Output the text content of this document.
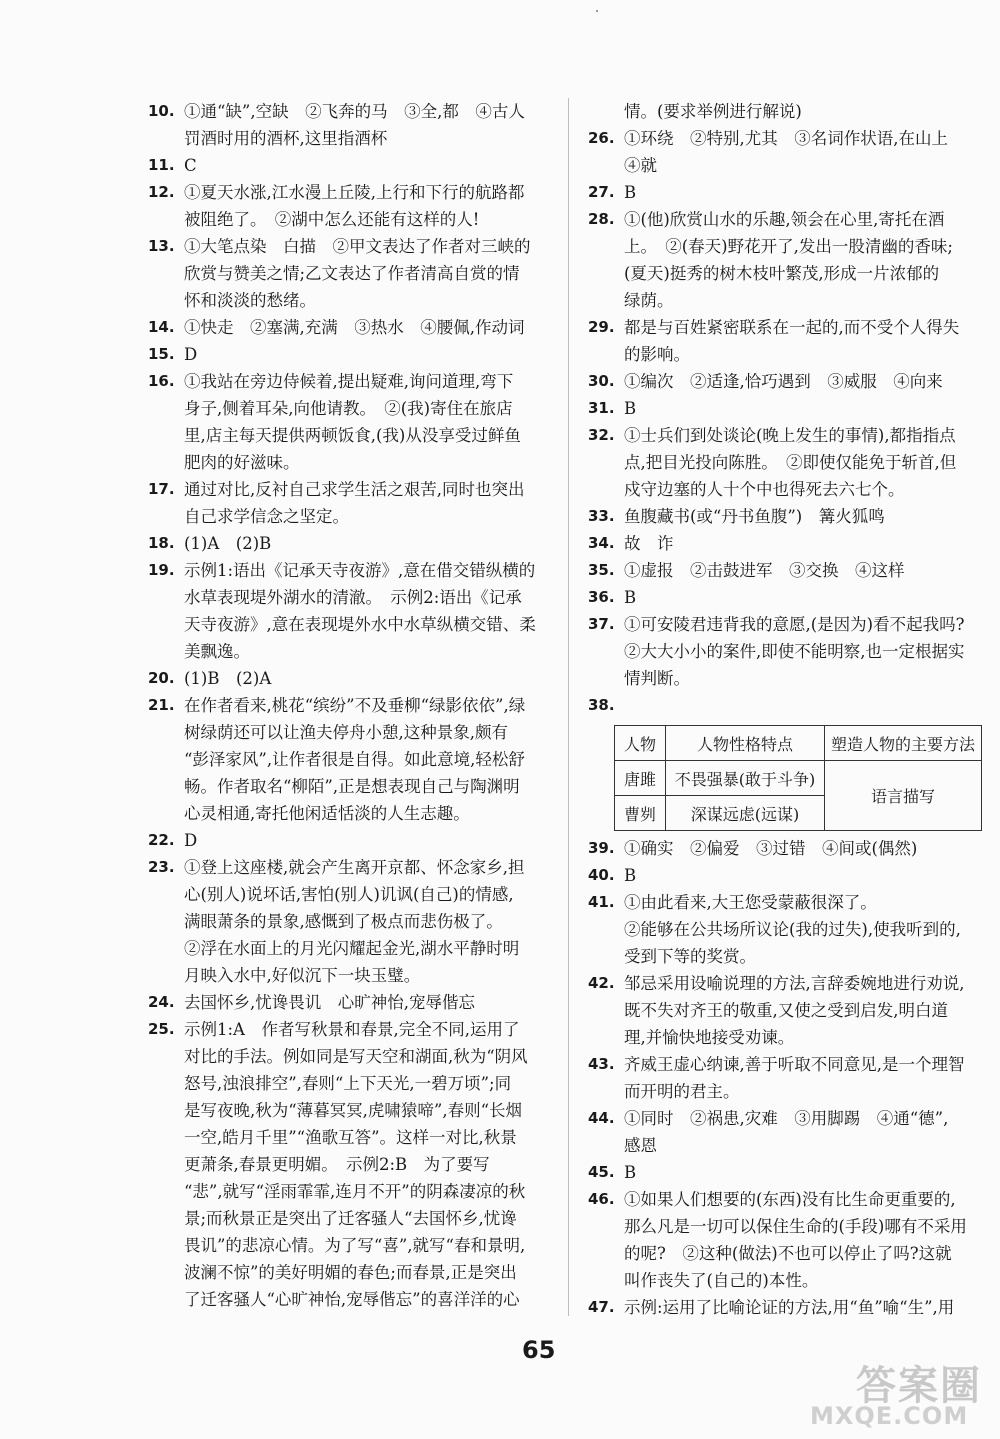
10. ①通“缺”,空缺　②飞奔的马　③全,都　④古人
罚酒时用的酒杯,这里指酒杯
11. C
12. ①夏天水涨,江水漫上丘陵,上行和下行的航路都
被阻绝了。　②湖中怎么还能有这样的人!
13. ①大笔点染　白描　②甲文表达了作者对三峡的
欣赏与赞美之情;乙文表达了作者清高自赏的情
怀和淡淡的愁绪。
14. ①快走　②塞满,充满　③热水　④腰佩,作动词
15. D
16. ①我站在旁边侍候着,提出疑难,询问道理,弯下
身子,侧着耳朵,向他请教。　②(我)寄住在旅店
里,店主每天提供两顿饭食,(我)从没享受过鲜鱼
肥肉的好滋味。
17. 通过对比,反衬自己求学生活之艰苦,同时也突出
自己求学信念之坚定。
18. (1)A　(2)B
19. 示例1:语出《记承天寺夜游》,意在借交错纵横的
水草表现堤外湖水的清澈。　示例2:语出《记承
天寺夜游》,意在表现堤外水中水草纵横交错、柔
美飘逸。
20. (1)B　(2)A
21. 在作者看来,桃花“缤纷”不及垂柳“绿影依依”,绿
树绿荫还可以让渔夫停舟小憩,这种景象,颇有
“彭泽家风”,让作者很是自得。如此意境,轻松舒
畅。作者取名“柳陌”,正是想表现自己与陶渊明
心灵相通,寄托他闲适恬淡的人生志趣。
22. D
23. ①登上这座楼,就会产生离开京都、怀念家乡,担
心(别人)说坏话,害怕(别人)讥讽(自己)的情感,
满眼萧条的景象,感慨到了极点而悲伤极了。
②浮在水面上的月光闪耀起金光,湖水平静时明
月映入水中,好似沉下一块玉璧。
24. 去国怀乡,忧谗畏讥　心旷神怡,宠辱偕忘
25. 示例1:A　作者写秋景和春景,完全不同,运用了
对比的手法。例如同是写天空和湖面,秋为“阴风
怒号,浊浪排空”,春则“上下天光,一碧万顷”;同
是写夜晚,秋为“薄暮冥冥,虎啸猿啼”,春则“长烟
一空,皓月千里”“渔歌互答”。这样一对比,秋景
更萧条,春景更明媚。　示例2:B　为了要写
“悲”,就写“淫雨霏霏,连月不开”的阴森凄凉的秋
景;而秋景正是突出了迁客骚人“去国怀乡,忧谗
畏讥”的悲凉心情。为了写“喜”,就写“春和景明,
波澜不惊”的美好明媚的春色;而春景,正是突出
了迁客骚人“心旷神怡,宠辱偕忘”的喜洋洋的心
情。(要求举例进行解说)
26. ①环绕　②特别,尤其　③名词作状语,在山上
④就
27. B
28. ①(他)欣赏山水的乐趣,领会在心里,寄托在酒
上。　②(春天)野花开了,发出一股清幽的香味;
(夏天)挺秀的树木枝叶繁茂,形成一片浓郁的
绿荫。
29. 都是与百姓紧密联系在一起的,而不受个人得失
的影响。
30. ①编次　②适逢,恰巧遇到　③威服　④向来
31. B
32. ①士兵们到处谈论(晚上发生的事情),都指指点
点,把目光投向陈胜。　②即使仅能免于斩首,但
戍守边塞的人十个中也得死去六七个。
33. 鱼腹藏书(或“丹书鱼腹”)　篝火狐鸣
34. 故　诈
35. ①虚报　②击鼓进军　③交换　④这样
36. B
37. ①可安陵君违背我的意愿,(是因为)看不起我吗?
②大大小小的案件,即使不能明察,也一定根据实
情判断。
38.
人物	人物性格特点	塑造人物的主要方法
唐雎	不畏强暴(敢于斗争)	语言描写
曹刿	深谋远虑(远谋)	
39. ①确实　②偏爱　③过错　④间或(偶然)
40. B
41. ①由此看来,大王您受蒙蔽很深了。
②能够在公共场所议论(我的过失),使我听到的,
受到下等的奖赏。
42. 邹忌采用设喻说理的方法,言辞委婉地进行劝说,
既不失对齐王的敬重,又使之受到启发,明白道
理,并愉快地接受劝谏。
43. 齐威王虚心纳谏,善于听取不同意见,是一个理智
而开明的君主。
44. ①同时　②祸患,灾难　③用脚踢　④通“德”,
感恩
45. B
46. ①如果人们想要的(东西)没有比生命更重要的,
那么凡是一切可以保住生命的(手段)哪有不采用
的呢?　②这种(做法)不也可以停止了吗?这就
叫作丧失了(自己的)本性。
47. 示例:运用了比喻论证的方法,用“鱼”喻“生”,用
65
答案圈
MXQE.COM
